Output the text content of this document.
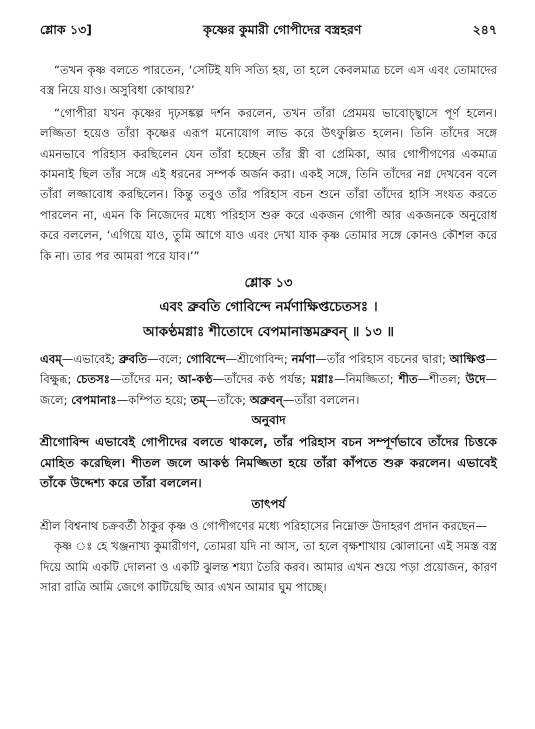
শ্লোক ১৩]	কৃষ্ণের কুমারী গোপীদের বস্ত্রহরণ	২৪৭

“তখন কৃষ্ণ বলতে পারতেন, ‘সেটিই যদি সত্যি হয়, তা হলে কেবলমাত্র চলে এস এবং তোমাদের বস্ত্র নিয়ে যাও। অসুবিধা কোথায়?’

“গোপীরা যখন কৃষ্ণের দৃঢ়সঙ্কল্প দর্শন করলেন, তখন তাঁরা প্রেমময় ভাবোচ্ছ্বাসে পূর্ণ হলেন। লজ্জিতা হয়েও তাঁরা কৃষ্ণের এরূপ মনোযোগ লাভ করে উৎফুল্লিত হলেন। তিনি তাঁদের সঙ্গে এমনভাবে পরিহাস করছিলেন যেন তাঁরা হচ্ছেন তাঁর স্ত্রী বা প্রেমিকা, আর গোপীগণের একমাত্র কামনাই ছিল তাঁর সঙ্গে এই ধরনের সম্পর্ক অর্জন করা। একই সঙ্গে, তিনি তাঁদের নগ্ন দেখবেন বলে তাঁরা লজ্জাবোধ করছিলেন। কিন্তু তবুও তাঁর পরিহাস বচন শুনে তাঁরা তাঁদের হাসি সংযত করতে পারলেন না, এমন কি নিজেদের মধ্যে পরিহাস শুরু করে একজন গোপী আর একজনকে অনুরোধ করে বললেন, ‘এগিয়ে যাও, তুমি আগে যাও এবং দেখা যাক কৃষ্ণ তোমার সঙ্গে কোনও কৌশল করে কি না। তার পর আমরা পরে যাব।’”

শ্লোক ১৩
এবং ব্রুবতি গোবিন্দে নর্মণাক্ষিপ্তচেতসঃ ।
আকণ্ঠমগ্নাঃ শীতোদে বেপমানাস্তমব্রুবন্ ॥ ১৩ ॥

এবম্—এভাবেই; ব্রুবতি—বলে; গোবিন্দে—শ্রীগোবিন্দ; নর্মণা—তাঁর পরিহাস বচনের দ্বারা; আক্ষিপ্ত—বিক্ষুব্ধ; চেতসঃ—তাঁদের মন; আ-কণ্ঠ—তাঁদের কণ্ঠ পর্যন্ত; মগ্নাঃ—নিমজ্জিতা; শীত—শীতল; উদে—জলে; বেপমানাঃ—কম্পিত হয়ে; তম্—তাঁকে; অব্রুবন্—তাঁরা বললেন।

অনুবাদ

শ্রীগোবিন্দ এভাবেই গোপীদের বলতে থাকলে, তাঁর পরিহাস বচন সম্পূর্ণভাবে তাঁদের চিত্তকে মোহিত করেছিল। শীতল জলে আকণ্ঠ নিমজ্জিতা হয়ে তাঁরা কাঁপতে শুরু করলেন। এভাবেই তাঁকে উদ্দেশ্য করে তাঁরা বললেন।

তাৎপর্য

শ্রীল বিশ্বনাথ চক্রবর্তী ঠাকুর কৃষ্ণ ও গোপীগণের মধ্যে পরিহাসের নিম্নোক্ত উদাহরণ প্রদান করছেন—

কৃষ্ণ ঃ হে খঞ্জনাখ্য কুমারীগণ, তোমরা যদি না আস, তা হলে বৃক্ষশাখায় ঝোলানো এই সমস্ত বস্ত্র দিয়ে আমি একটি দোলনা ও একটি ঝুলন্ত শয্যা তৈরি করব। আমার এখন শুয়ে পড়া প্রয়োজন, কারণ সারা রাত্রি আমি জেগে কাটিয়েছি আর এখন আমার ঘুম পাচ্ছে।
